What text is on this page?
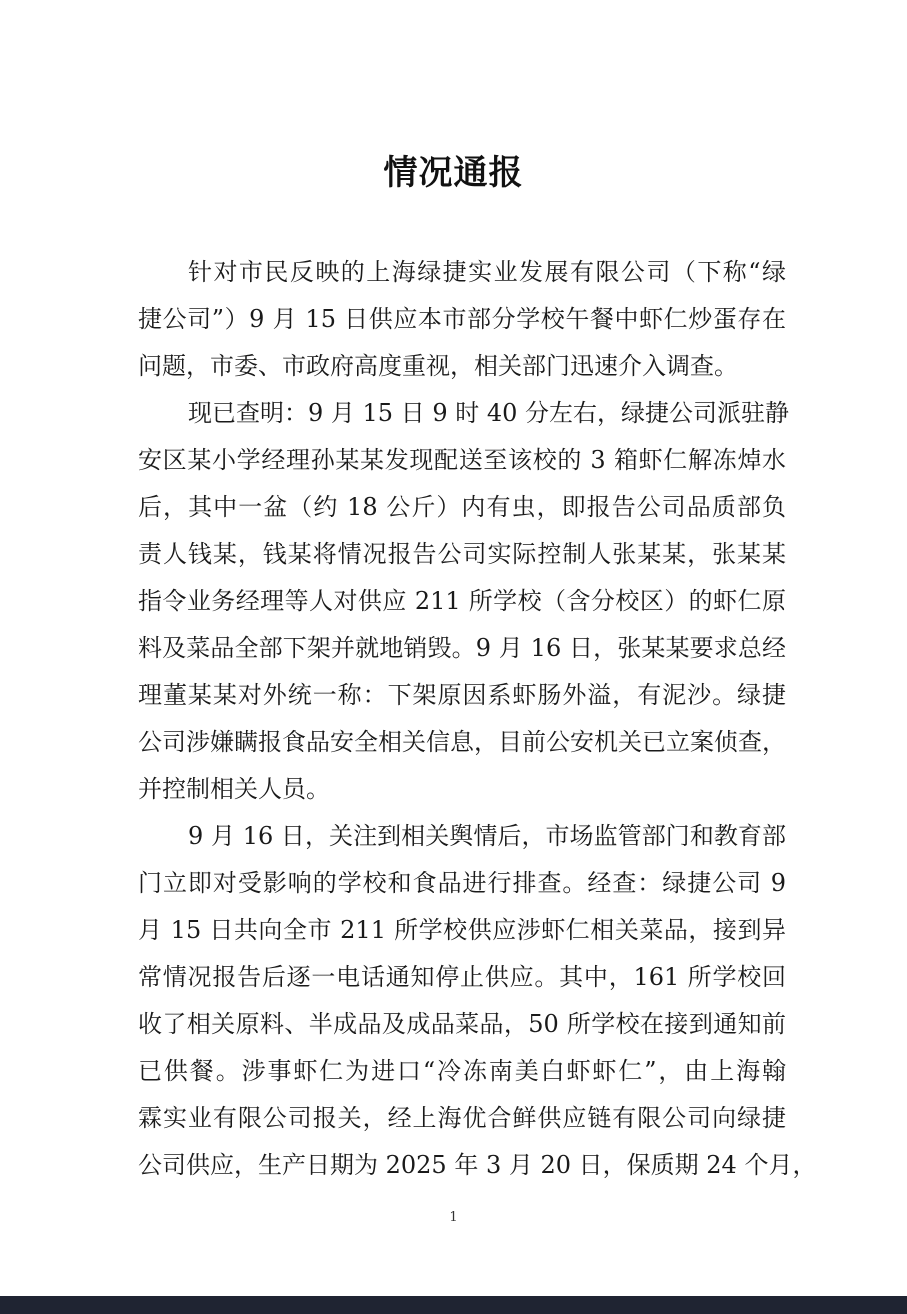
情况通报
针对市民反映的上海绿捷实业发展有限公司（下称“绿
捷公司”）9 月 15 日供应本市部分学校午餐中虾仁炒蛋存在
问题，市委、市政府高度重视，相关部门迅速介入调查。
现已查明：9 月 15 日 9 时 40 分左右，绿捷公司派驻静
安区某小学经理孙某某发现配送至该校的 3 箱虾仁解冻焯水
后，其中一盆（约 18 公斤）内有虫，即报告公司品质部负
责人钱某，钱某将情况报告公司实际控制人张某某，张某某
指令业务经理等人对供应 211 所学校（含分校区）的虾仁原
料及菜品全部下架并就地销毁。9 月 16 日，张某某要求总经
理董某某对外统一称：下架原因系虾肠外溢，有泥沙。绿捷
公司涉嫌瞒报食品安全相关信息，目前公安机关已立案侦查，
并控制相关人员。
9 月 16 日，关注到相关舆情后，市场监管部门和教育部
门立即对受影响的学校和食品进行排查。经查：绿捷公司 9
月 15 日共向全市 211 所学校供应涉虾仁相关菜品，接到异
常情况报告后逐一电话通知停止供应。其中，161 所学校回
收了相关原料、半成品及成品菜品，50 所学校在接到通知前
已供餐。涉事虾仁为进口“冷冻南美白虾虾仁”，由上海翰
霖实业有限公司报关，经上海优合鲜供应链有限公司向绿捷
公司供应，生产日期为 2025 年 3 月 20 日，保质期 24 个月，
1
